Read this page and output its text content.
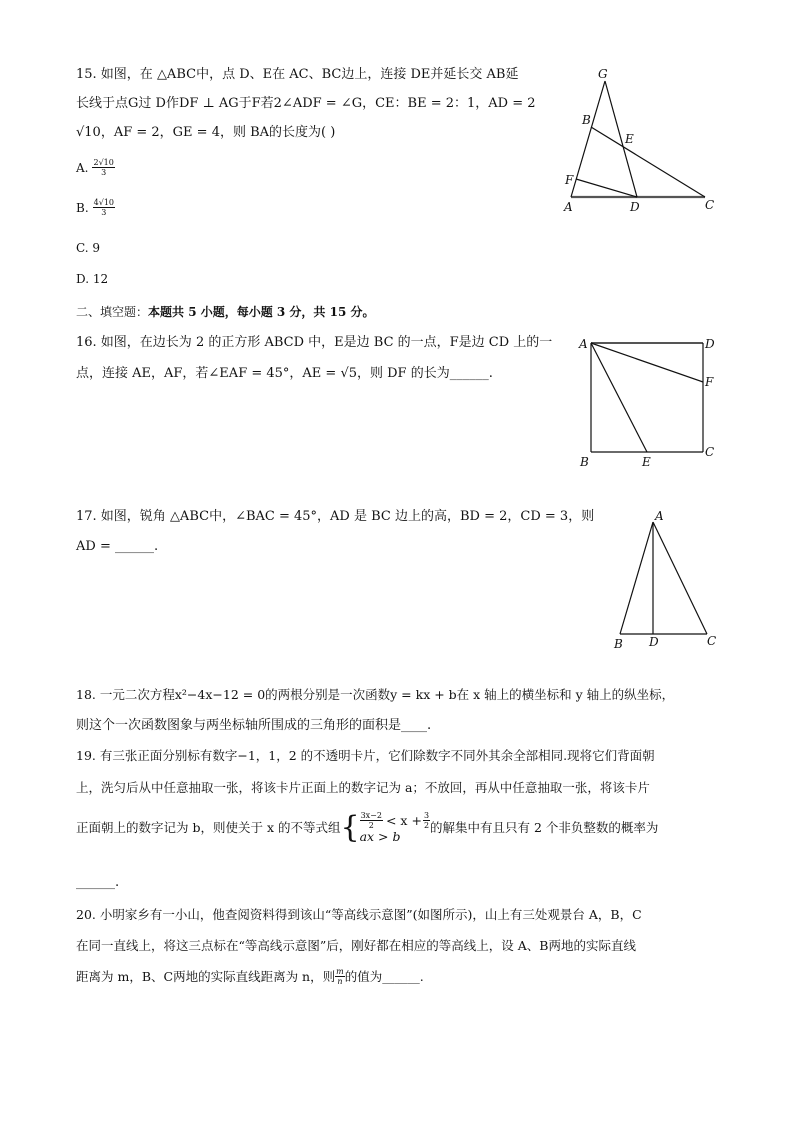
15. 如图，在 △ABC中，点 D、E在 AC、BC边上，连接 DE并延长交 AB延
长线于点G过 D作DF ⊥ AG于F若2∠ADF = ∠G，CE：BE = 2：1，AD = 2
√10，AF = 2，GE = 4，则 BA的长度为( )
A. $\frac{2√10}{3}$
B. $\frac{4√10}{3}$
C.
9
D.
12
G
B
E
F
A	D	C
二、填空题：本题共 5 小题，每小题 3 分，共 15 分。
16. 如图，在边长为 2 的正方形 ABCD 中，E是边 BC 的一点，F是边 CD 上的一
点，连接 AE，AF，若∠EAF = 45°，AE = √5，则 DF 的长为______.
A	D
F
B	E
C
17. 如图，锐角 △ABC中，∠BAC = 45°，AD 是 BC 边上的高，BD = 2，CD = 3，则
AD = ______.
A
B D	C
18. 一元二次方程x²−4x−12 = 0的两根分别是一次函数y = kx + b在 x 轴上的横坐标和 y 轴上的纵坐标，
则这个一次函数图象与两坐标轴所围成的三角形的面积是____.
19. 有三张正面分别标有数字−1，1，2 的不透明卡片，它们除数字不同外其余全部相同.现将它们背面朝
上，洗匀后从中任意抽取一张，将该卡片正面上的数字记为 a；不放回，再从中任意抽取一张，将该卡片
正面朝上的数字记为 b，则使关于 x 的不等式组 { $\frac{3x-2}{2} < x + \frac{3}{2}$
ax > b
的解集中有且只有 2 个非负整数的概率为
______.
20. 小明家乡有一小山，他查阅资料得到该山“等高线示意图”(如图所示)，山上有三处观景台 A，B，C
在同一直线上，将这三点标在“等高线示意图”后，刚好都在相应的等高线上，设 A、B两地的实际直线
距离为 m，B、C两地的实际直线距离为 n，则 $\frac{m}{n}$ 的值为______.
